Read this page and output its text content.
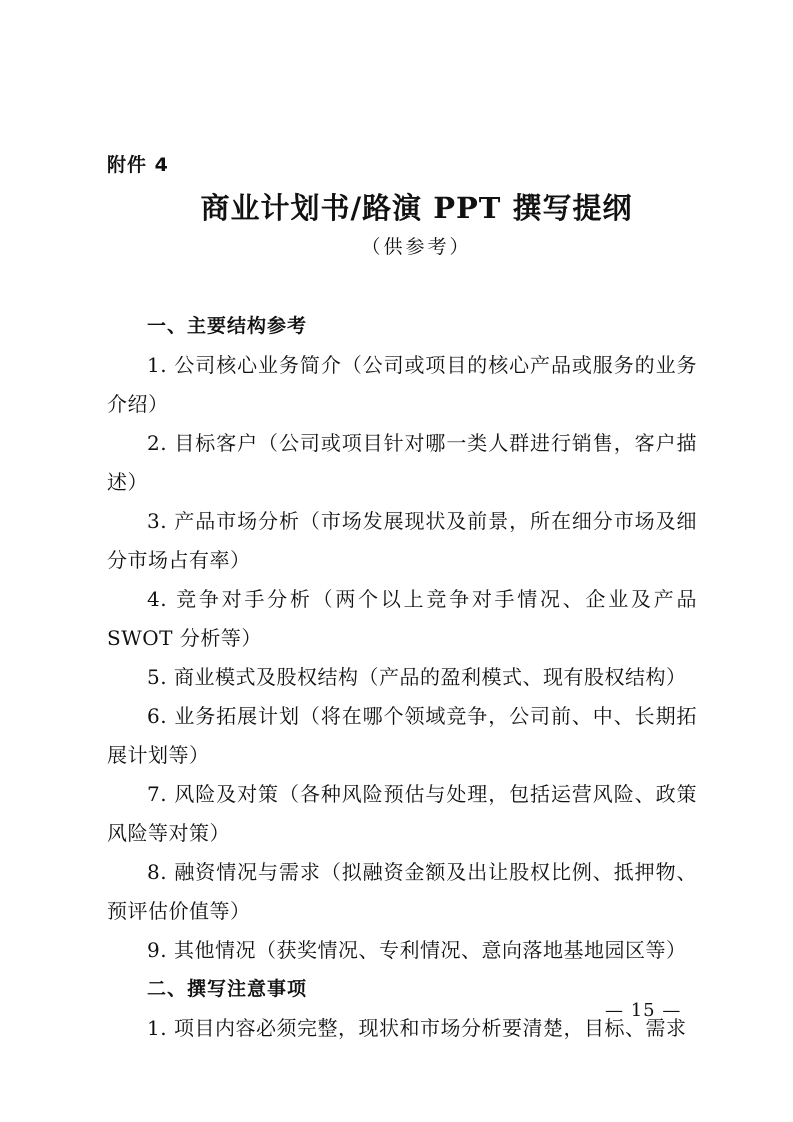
附件 4
商业计划书/路演 PPT 撰写提纲
（供参考）

一、主要结构参考

1. 公司核心业务简介（公司或项目的核心产品或服务的业务介绍）

2. 目标客户（公司或项目针对哪一类人群进行销售，客户描述）

3. 产品市场分析（市场发展现状及前景，所在细分市场及细分市场占有率）

4. 竞争对手分析（两个以上竞争对手情况、企业及产品 SWOT 分析等）

5. 商业模式及股权结构（产品的盈利模式、现有股权结构）

6. 业务拓展计划（将在哪个领域竞争，公司前、中、长期拓展计划等）

7. 风险及对策（各种风险预估与处理，包括运营风险、政策风险等对策）

8. 融资情况与需求（拟融资金额及出让股权比例、抵押物、预评估价值等）

9. 其他情况（获奖情况、专利情况、意向落地基地园区等）

二、撰写注意事项

1. 项目内容必须完整，现状和市场分析要清楚，目标、需求

— 15 —
